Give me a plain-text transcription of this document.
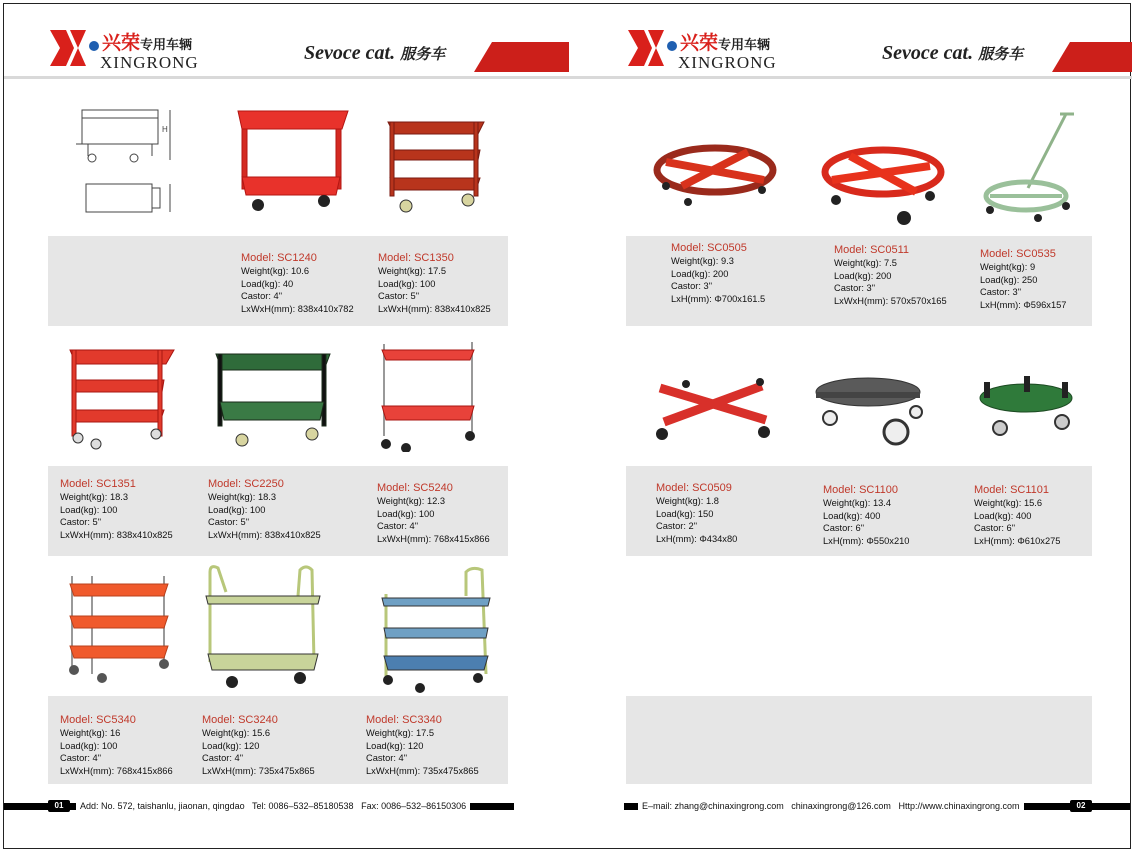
兴荣专用车辆
XINGRONG	Sevoce cat. 服务车
H
Model: SC1240
Weight(kg): 10.6
Load(kg): 40
Castor: 4"
LxWxH(mm): 838x410x782
Model: SC1350
Weight(kg): 17.5
Load(kg): 100
Castor: 5"
LxWxH(mm): 838x410x825
Model: SC1351
Weight(kg): 18.3
Load(kg): 100
Castor: 5"
LxWxH(mm): 838x410x825
Model: SC2250
Weight(kg): 18.3
Load(kg): 100
Castor: 5"
LxWxH(mm): 838x410x825
Model: SC5240
Weight(kg): 12.3
Load(kg): 100
Castor: 4"
LxWxH(mm): 768x415x866
Model: SC5340
Weight(kg): 16
Load(kg): 100
Castor: 4"
LxWxH(mm): 768x415x866
Model: SC3240
Weight(kg): 15.6
Load(kg): 120
Castor: 4"
LxWxH(mm): 735x475x865
Model: SC3340
Weight(kg): 17.5
Load(kg): 120
Castor: 4"
LxWxH(mm): 735x475x865
01	Add: No. 572, taishanlu, jiaonan, qingdao Tel: 0086–532–85180538 Fax: 0086–532–86150306
兴荣专用车辆
XINGRONG	Sevoce cat. 服务车
Model: SC0505
Weight(kg): 9.3
Load(kg): 200
Castor: 3"
LxH(mm): Φ700x161.5
Model: SC0511
Weight(kg): 7.5
Load(kg): 200
Castor: 3"
LxWxH(mm): 570x570x165
Model: SC0535
Weight(kg): 9
Load(kg): 250
Castor: 3"
LxH(mm): Φ596x157
Model: SC0509
Weight(kg): 1.8
Load(kg): 150
Castor: 2"
LxH(mm): Φ434x80
Model: SC1100
Weight(kg): 13.4
Load(kg): 400
Castor: 6"
LxH(mm): Φ550x210
Model: SC1101
Weight(kg): 15.6
Load(kg): 400
Castor: 6"
LxH(mm): Φ610x275
E–mail: zhang@chinaxingrong.com chinaxingrong@126.com Http://www.chinaxingrong.com	02
